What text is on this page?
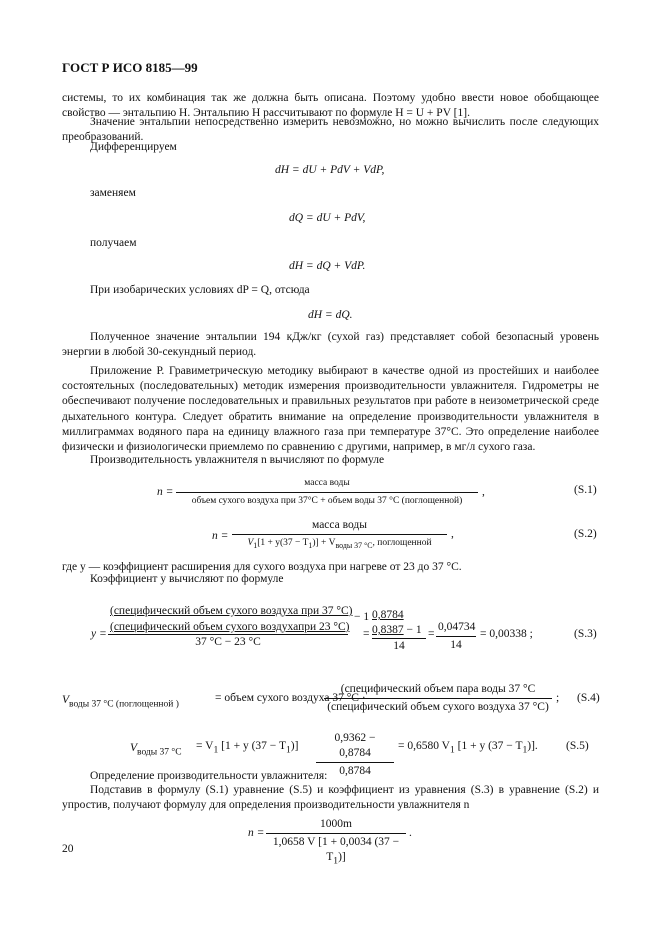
ГОСТ Р ИСО 8185—99
системы, то их комбинация так же должна быть описана. Поэтому удобно ввести новое обобщающее свойство — энтальпию H. Энтальпию H рассчитывают по формуле H = U + PV [1].
Значение энтальпии непосредственно измерить невозможно, но можно вычислить после следующих преобразований.
Дифференцируем
dH = dU + PdV + VdP,
заменяем
dQ = dU + PdV,
получаем
dH = dQ + VdP.
При изобарических условиях dP = Q, отсюда
dH = dQ.
Полученное значение энтальпии 194 кДж/кг (сухой газ) представляет собой безопасный уровень энергии в любой 30-секундный период.
Приложение Р. Гравиметрическую методику выбирают в качестве одной из простейших и наиболее состоятельных (последовательных) методик измерения производительности увлажнителя. Гидрометры не обеспечивают получение последовательных и правильных результатов при работе в неизометрической среде дыхательного контура. Следует обратить внимание на определение производительности увлажнителя в миллиграммах водяного пара на единицу влажного газа при температуре 37°С. Это определение наиболее физически и физиологически приемлемо по сравнению с другими, например, в мг/л сухого газа.
Производительность увлажнителя n вычисляют по формуле
n =
масса воды
объем сухого воздуха при 37°С + объем воды 37 °С (поглощенной)
,	(S.1)
n =
масса воды
$V_1[1 + y(37 - T_1)] + V_{воды 37 ^\circ С}$, поглощенной
,	(S.2)
где y — коэффициент расширения для сухого воздуха при нагреве от 23 до 37 °С.
Коэффициент y вычисляют по формуле
y =
(специфический объем сухого воздуха при 37 °С)
(специфический объем сухого воздухапри 23 °С)
− 1
37 °С − 23 °С
=
0,8784
0,8387 − 1
14
= $\frac{0,04734}{14} = 0,00338$ ;	(S.3)
$V_{воды 37 ^\circ С (поглощенной )}$
= объем сухого воздуха 37 °С ·
(специфический объем пара воды 37 °С
(специфический объем сухого воздуха 37 °С)
; (S.4)
$V_{воды 37 ^\circ С}$
= $V_1$ [1 + y $(37 - T_1)] \frac{0,9362 - 0,8784}{0,8784} = 0,6580$ $V_1$ [1 + y $(37 - T_1)$]. (S.5)
Определение производительности увлажнителя:
Подставив в формулу (S.1) уравнение (S.5) и коэффициент из уравнения (S.3) в уравнение (S.2) и упростив, получают формулу для определения производительности увлажнителя n
$n = \frac{1000m}{1,0658 V [1 + 0,0034 (37 - T_1)]}$ .
20
